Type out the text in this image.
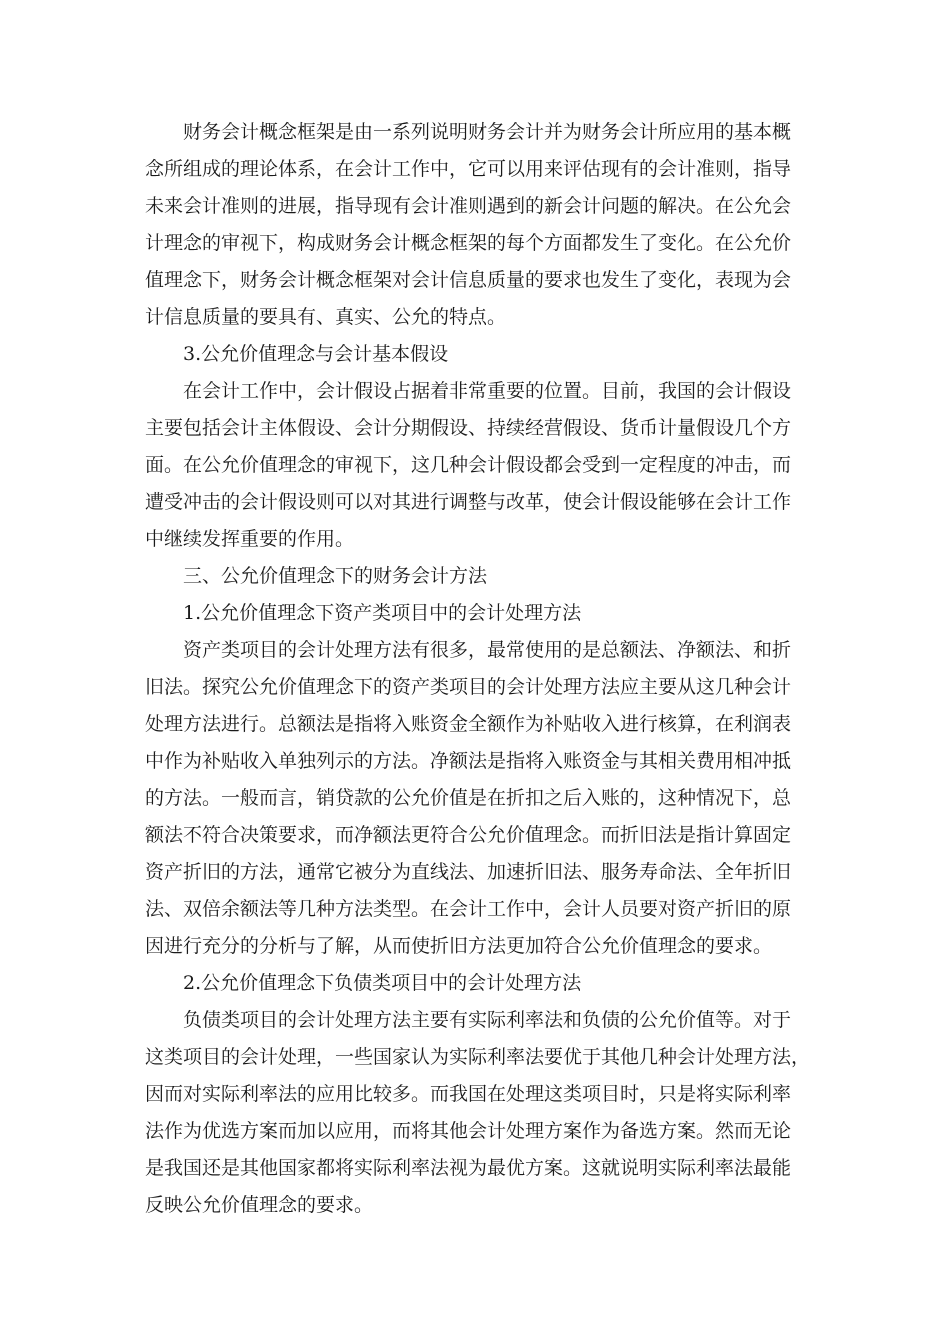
财务会计概念框架是由一系列说明财务会计并为财务会计所应用的基本概
念所组成的理论体系，在会计工作中，它可以用来评估现有的会计准则，指导
未来会计准则的进展，指导现有会计准则遇到的新会计问题的解决。在公允会
计理念的审视下，构成财务会计概念框架的每个方面都发生了变化。在公允价
值理念下，财务会计概念框架对会计信息质量的要求也发生了变化，表现为会
计信息质量的要具有、真实、公允的特点。
3.公允价值理念与会计基本假设
在会计工作中，会计假设占据着非常重要的位置。目前，我国的会计假设
主要包括会计主体假设、会计分期假设、持续经营假设、货币计量假设几个方
面。在公允价值理念的审视下，这几种会计假设都会受到一定程度的冲击，而
遭受冲击的会计假设则可以对其进行调整与改革，使会计假设能够在会计工作
中继续发挥重要的作用。
三、公允价值理念下的财务会计方法
1.公允价值理念下资产类项目中的会计处理方法
资产类项目的会计处理方法有很多，最常使用的是总额法、净额法、和折
旧法。探究公允价值理念下的资产类项目的会计处理方法应主要从这几种会计
处理方法进行。总额法是指将入账资金全额作为补贴收入进行核算，在利润表
中作为补贴收入单独列示的方法。净额法是指将入账资金与其相关费用相冲抵
的方法。一般而言，销贷款的公允价值是在折扣之后入账的，这种情况下，总
额法不符合决策要求，而净额法更符合公允价值理念。而折旧法是指计算固定
资产折旧的方法，通常它被分为直线法、加速折旧法、服务寿命法、全年折旧
法、双倍余额法等几种方法类型。在会计工作中，会计人员要对资产折旧的原
因进行充分的分析与了解，从而使折旧方法更加符合公允价值理念的要求。
2.公允价值理念下负债类项目中的会计处理方法
负债类项目的会计处理方法主要有实际利率法和负债的公允价值等。对于
这类项目的会计处理，一些国家认为实际利率法要优于其他几种会计处理方法，
因而对实际利率法的应用比较多。而我国在处理这类项目时，只是将实际利率
法作为优选方案而加以应用，而将其他会计处理方案作为备选方案。然而无论
是我国还是其他国家都将实际利率法视为最优方案。这就说明实际利率法最能
反映公允价值理念的要求。
